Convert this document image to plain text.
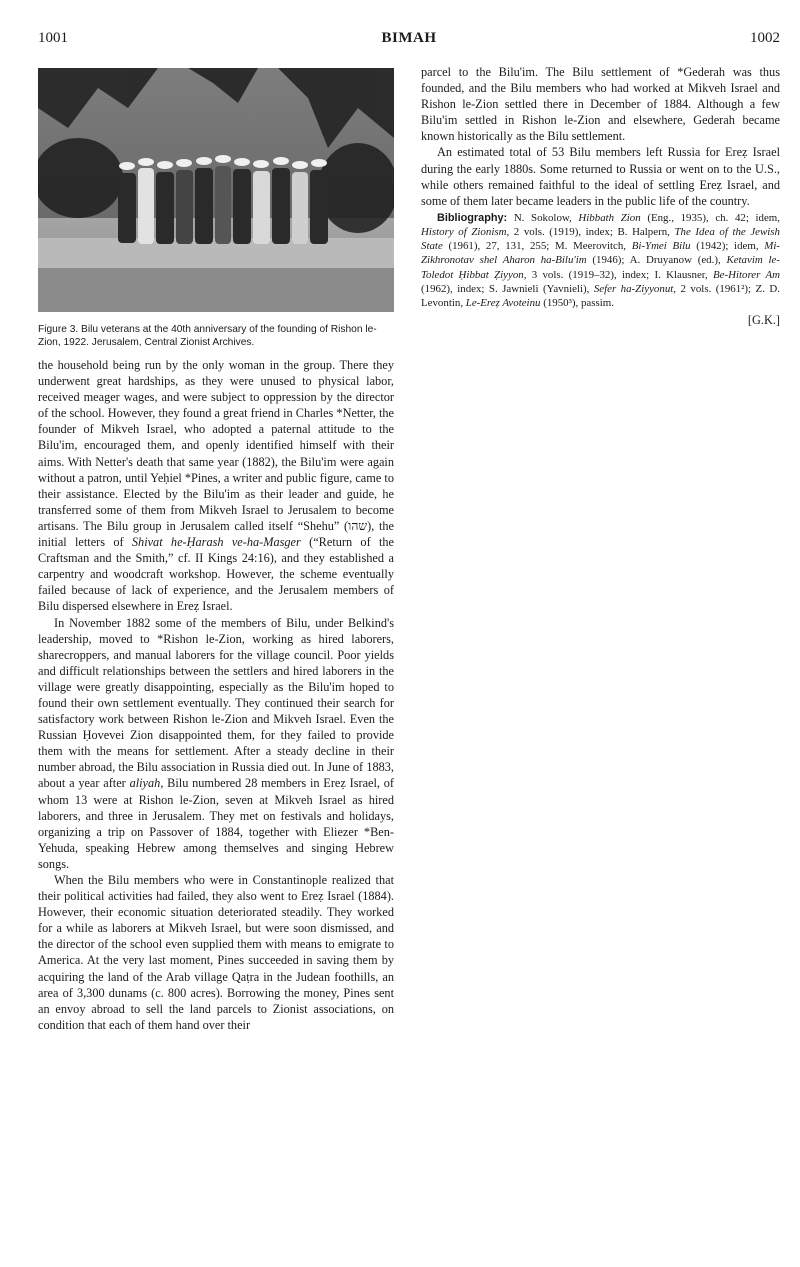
1001	BIMAH	1002
Figure 3. Bilu veterans at the 40th anniversary of the founding of Rishon le-Zion, 1922. Jerusalem, Central Zionist Archives.

the household being run by the only woman in the group. There they underwent great hardships, as they were unused to physical labor, received meager wages, and were subject to oppression by the director of the school. However, they found a great friend in Charles *Netter, the founder of Mikveh Israel, who adopted a paternal attitude to the Bilu'im, encouraged them, and openly identified himself with their aims. With Netter's death that same year (1882), the Bilu'im were again without a patron, until Yeḥiel *Pines, a writer and public figure, came to their assistance. Elected by the Bilu'im as their leader and guide, he transferred some of them from Mikveh Israel to Jerusalem to become artisans. The Bilu group in Jerusalem called itself “Shehu” (שהו), the initial letters of Shivat he-Ḥarash ve-ha-Masger (“Return of the Craftsman and the Smith,” cf. II Kings 24:16), and they established a carpentry and woodcraft workshop. However, the scheme eventually failed because of lack of experience, and the Jerusalem members of Bilu dispersed elsewhere in Ereẓ Israel.

In November 1882 some of the members of Bilu, under Belkind's leadership, moved to *Rishon le-Zion, working as hired laborers, sharecroppers, and manual laborers for the village council. Poor yields and difficult relationships between the settlers and hired laborers in the village were greatly disappointing, especially as the Bilu'im hoped to found their own settlement eventually. They continued their search for satisfactory work between Rishon le-Zion and Mikveh Israel. Even the Russian Ḥovevei Zion disappointed them, for they failed to provide them with the means for settlement. After a steady decline in their number abroad, the Bilu association in Russia died out. In June of 1883, about a year after aliyah, Bilu numbered 28 members in Ereẓ Israel, of whom 13 were at Rishon le-Zion, seven at Mikveh Israel as hired laborers, and three in Jerusalem. They met on festivals and holidays, organizing a trip on Passover of 1884, together with Eliezer *Ben-Yehuda, speaking Hebrew among themselves and singing Hebrew songs.

When the Bilu members who were in Constantinople realized that their political activities had failed, they also went to Ereẓ Israel (1884). However, their economic situation deteriorated steadily. They worked for a while as laborers at Mikveh Israel, but were soon dismissed, and the director of the school even supplied them with means to emigrate to America. At the very last moment, Pines succeeded in saving them by acquiring the land of the Arab village Qaṭra in the Judean foothills, an area of 3,300 dunams (c. 800 acres). Borrowing the money, Pines sent an envoy abroad to sell the land parcels to Zionist associations, on condition that each of them hand over their

parcel to the Bilu'im. The Bilu settlement of *Gederah was thus founded, and the Bilu members who had worked at Mikveh Israel and Rishon le-Zion settled there in December of 1884. Although a few Bilu'im settled in Rishon le-Zion and elsewhere, Gederah became known historically as the Bilu settlement.

An estimated total of 53 Bilu members left Russia for Ereẓ Israel during the early 1880s. Some returned to Russia or went on to the U.S., while others remained faithful to the ideal of settling Ereẓ Israel, and some of them later became leaders in the public life of the country.

Bibliography: N. Sokolow, Hibbath Zion (Eng., 1935), ch. 42; idem, History of Zionism, 2 vols. (1919), index; B. Halpern, The Idea of the Jewish State (1961), 27, 131, 255; M. Meerovitch, Bi-Ymei Bilu (1942); idem, Mi-Zikhronotav shel Aharon ha-Bilu'im (1946); A. Druyanow (ed.), Ketavim le-Toledot Ḥibbat Ẓiyyon, 3 vols. (1919–32), index; I. Klausner, Be-Hitorer Am (1962), index; S. Jawnieli (Yavnieli), Sefer ha-Ziyyonut, 2 vols. (1961²); Z. D. Levontin, Le-Ereẓ Avoteinu (1950³), passim.

[G.K.]
